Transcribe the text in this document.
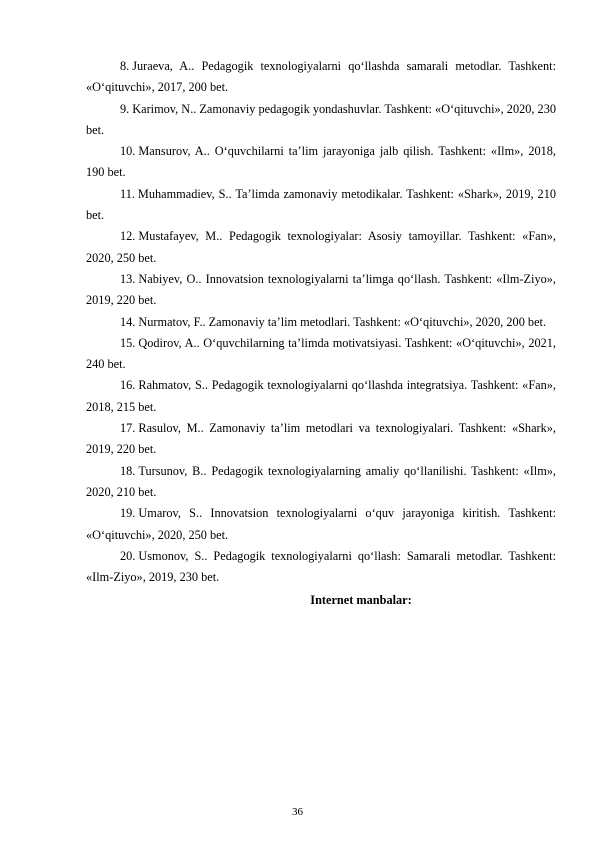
8. Juraeva, A.. Pedagogik texnologiyalarni qo‘llashda samarali metodlar. Tashkent: «O‘qituvchi», 2017, 200 bet.

9. Karimov, N.. Zamonaviy pedagogik yondashuvlar. Tashkent: «O‘qituvchi», 2020, 230 bet.

10. Mansurov, A.. O‘quvchilarni ta’lim jarayoniga jalb qilish. Tashkent: «Ilm», 2018, 190 bet.

11. Muhammadiev, S.. Ta’limda zamonaviy metodikalar. Tashkent: «Shark», 2019, 210 bet.

12. Mustafayev, M.. Pedagogik texnologiyalar: Asosiy tamoyillar. Tashkent: «Fan», 2020, 250 bet.

13. Nabiyev, O.. Innovatsion texnologiyalarni ta’limga qo‘llash. Tashkent: «Ilm-Ziyo», 2019, 220 bet.

14. Nurmatov, F.. Zamonaviy ta’lim metodlari. Tashkent: «O‘qituvchi», 2020, 200 bet.

15. Qodirov, A.. O‘quvchilarning ta’limda motivatsiyasi. Tashkent: «O‘qituvchi», 2021, 240 bet.

16. Rahmatov, S.. Pedagogik texnologiyalarni qo‘llashda integratsiya. Tashkent: «Fan», 2018, 215 bet.

17. Rasulov, M.. Zamonaviy ta’lim metodlari va texnologiyalari. Tashkent: «Shark», 2019, 220 bet.

18. Tursunov, B.. Pedagogik texnologiyalarning amaliy qo‘llanilishi. Tashkent: «Ilm», 2020, 210 bet.

19. Umarov, S.. Innovatsion texnologiyalarni o‘quv jarayoniga kiritish. Tashkent: «O‘qituvchi», 2020, 250 bet.

20. Usmonov, S.. Pedagogik texnologiyalarni qo‘llash: Samarali metodlar. Tashkent: «Ilm-Ziyo», 2019, 230 bet.

Internet manbalar:
36
